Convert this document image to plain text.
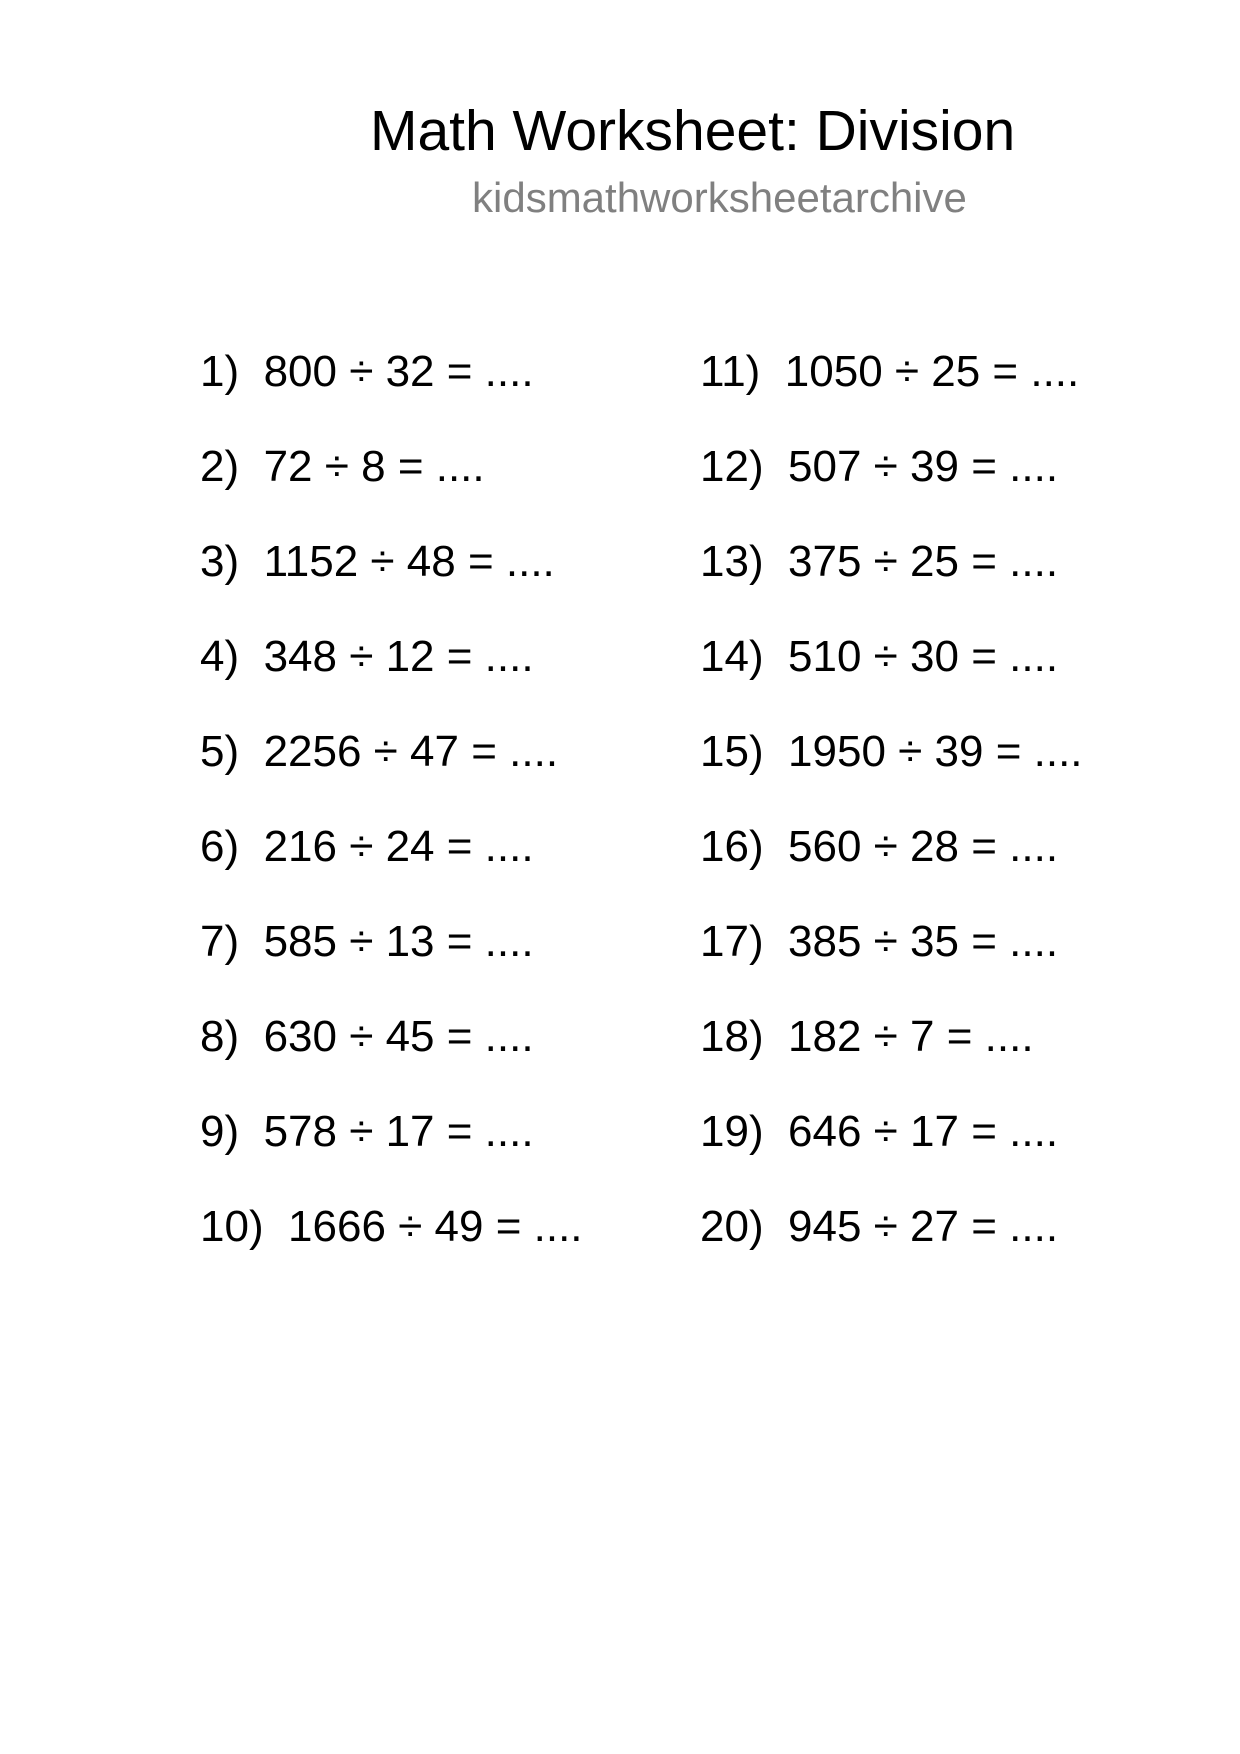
Math Worksheet: Division
kidsmathworksheetarchive
1)  800 ÷ 32 = ....
2)  72 ÷ 8 = ....
3)  1152 ÷ 48 = ....
4)  348 ÷ 12 = ....
5)  2256 ÷ 47 = ....
6)  216 ÷ 24 = ....
7)  585 ÷ 13 = ....
8)  630 ÷ 45 = ....
9)  578 ÷ 17 = ....
10)  1666 ÷ 49 = ....
11)  1050 ÷ 25 = ....
12)  507 ÷ 39 = ....
13)  375 ÷ 25 = ....
14)  510 ÷ 30 = ....
15)  1950 ÷ 39 = ....
16)  560 ÷ 28 = ....
17)  385 ÷ 35 = ....
18)  182 ÷ 7 = ....
19)  646 ÷ 17 = ....
20)  945 ÷ 27 = ....
